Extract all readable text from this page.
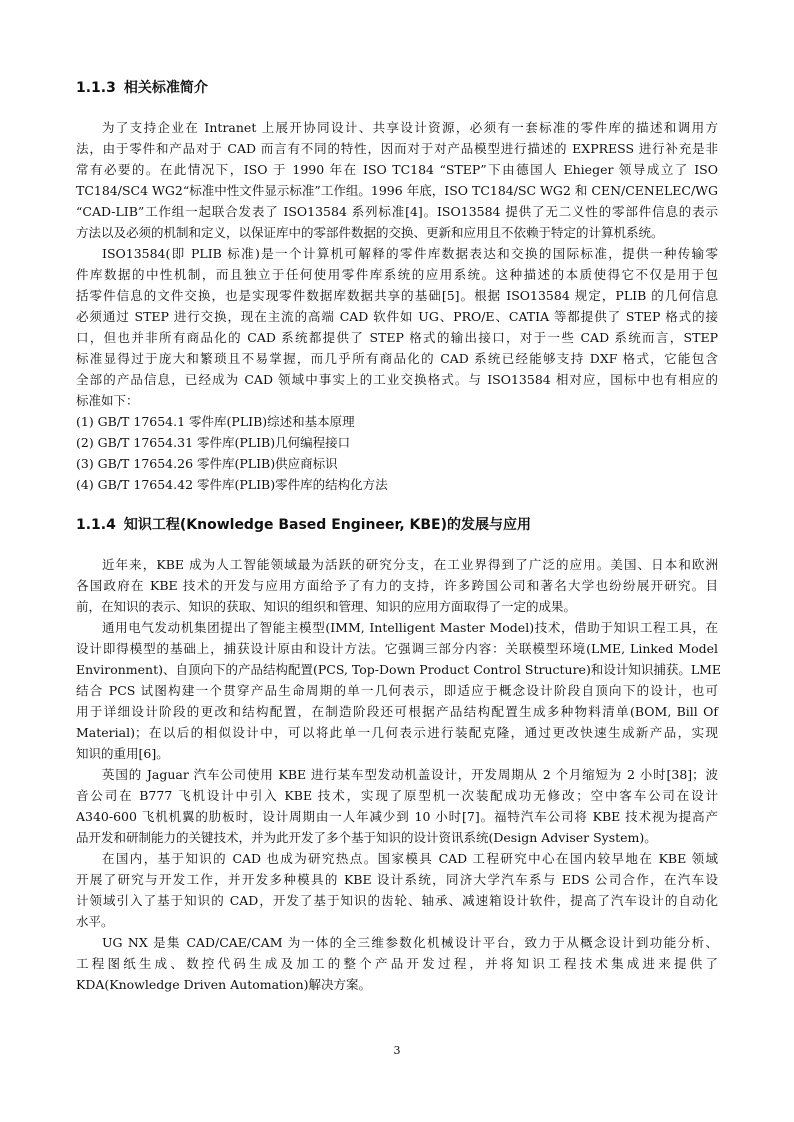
1.1.3 相关标准简介
为了支持企业在 Intranet 上展开协同设计、共享设计资源，必须有一套标准的零件库的描述和调用方
法，由于零件和产品对于 CAD 而言有不同的特性，因而对于对产品模型进行描述的 EXPRESS 进行补充是非
常有必要的。在此情况下，ISO 于 1990 年在 ISO TC184 “STEP”下由德国人 Ehieger 领导成立了 ISO
TC184/SC4 WG2“标准中性文件显示标准”工作组。1996 年底，ISO TC184/SC WG2 和 CEN/CENELEC/WG
“CAD-LIB”工作组一起联合发表了 ISO13584 系列标准[4]。ISO13584 提供了无二义性的零部件信息的表示
方法以及必须的机制和定义，以保证库中的零部件数据的交换、更新和应用且不依赖于特定的计算机系统。
ISO13584(即 PLIB 标准)是一个计算机可解释的零件库数据表达和交换的国际标准，提供一种传输零
件库数据的中性机制，而且独立于任何使用零件库系统的应用系统。这种描述的本质使得它不仅是用于包
括零件信息的文件交换，也是实现零件数据库数据共享的基础[5]。根据 ISO13584 规定，PLIB 的几何信息
必须通过 STEP 进行交换，现在主流的高端 CAD 软件如 UG、PRO/E、CATIA 等都提供了 STEP 格式的接
口，但也并非所有商品化的 CAD 系统都提供了 STEP 格式的输出接口，对于一些 CAD 系统而言，STEP
标准显得过于庞大和繁琐且不易掌握，而几乎所有商品化的 CAD 系统已经能够支持 DXF 格式，它能包含
全部的产品信息，已经成为 CAD 领域中事实上的工业交换格式。与 ISO13584 相对应，国标中也有相应的
标准如下：
(1) GB/T 17654.1 零件库(PLIB)综述和基本原理
(2) GB/T 17654.31 零件库(PLIB)几何编程接口
(3) GB/T 17654.26 零件库(PLIB)供应商标识
(4) GB/T 17654.42 零件库(PLIB)零件库的结构化方法
1.1.4 知识工程(Knowledge Based Engineer, KBE)的发展与应用
近年来，KBE 成为人工智能领域最为活跃的研究分支，在工业界得到了广泛的应用。美国、日本和欧洲
各国政府在 KBE 技术的开发与应用方面给予了有力的支持，许多跨国公司和著名大学也纷纷展开研究。目
前，在知识的表示、知识的获取、知识的组织和管理、知识的应用方面取得了一定的成果。
通用电气发动机集团提出了智能主模型(IMM, Intelligent Master Model)技术，借助于知识工程工具，在
设计即得模型的基础上，捕获设计原由和设计方法。它强调三部分内容：关联模型环境(LME, Linked Model
Environment)、自顶向下的产品结构配置(PCS, Top-Down Product Control Structure)和设计知识捕获。LME
结合 PCS 试图构建一个贯穿产品生命周期的单一几何表示，即适应于概念设计阶段自顶向下的设计，也可
用于详细设计阶段的更改和结构配置，在制造阶段还可根据产品结构配置生成多种物料清单(BOM, Bill Of
Material)；在以后的相似设计中，可以将此单一几何表示进行装配克隆，通过更改快速生成新产品，实现
知识的重用[6]。
英国的 Jaguar 汽车公司使用 KBE 进行某车型发动机盖设计，开发周期从 2 个月缩短为 2 小时[38]；波
音公司在 B777 飞机设计中引入 KBE 技术，实现了原型机一次装配成功无修改；空中客车公司在设计
A340-600 飞机机翼的肋板时，设计周期由一人年减少到 10 小时[7]。福特汽车公司将 KBE 技术视为提高产
品开发和研制能力的关键技术，并为此开发了多个基于知识的设计资讯系统(Design Adviser System)。
在国内，基于知识的 CAD 也成为研究热点。国家模具 CAD 工程研究中心在国内较早地在 KBE 领域
开展了研究与开发工作，并开发多种模具的 KBE 设计系统，同济大学汽车系与 EDS 公司合作，在汽车设
计领域引入了基于知识的 CAD，开发了基于知识的齿轮、轴承、减速箱设计软件，提高了汽车设计的自动化
水平。
UG NX 是集 CAD/CAE/CAM 为一体的全三维参数化机械设计平台，致力于从概念设计到功能分析、
工程图纸生成、数控代码生成及加工的整个产品开发过程，并将知识工程技术集成进来提供了
KDA(Knowledge Driven Automation)解决方案。
3
